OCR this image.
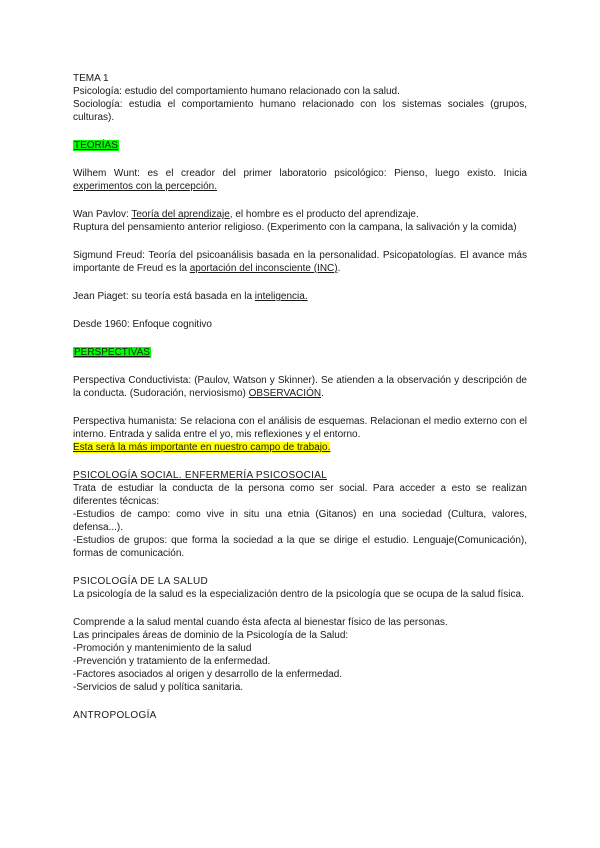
TEMA 1

Psicología: estudio del comportamiento humano relacionado con la salud.

Sociología: estudia el comportamiento humano relacionado con los sistemas sociales (grupos, culturas).

TEORÍAS

Wilhem Wunt: es el creador del primer laboratorio psicológico: Pienso, luego existo. Inicia experimentos con la percepción.

Wan Pavlov: Teoría del aprendizaje, el hombre es el producto del aprendizaje.

Ruptura del pensamiento anterior religioso. (Experimento con la campana, la salivación y la comida)

Sigmund Freud: Teoría del psicoanálisis basada en la personalidad. Psicopatologías. El avance más importante de Freud es la aportación del inconsciente (INC).

Jean Piaget: su teoría está basada en la inteligencia.

Desde 1960: Enfoque cognitivo

PERSPECTIVAS

Perspectiva Conductivista: (Paulov, Watson y Skinner). Se atienden a la observación y descripción de la conducta. (Sudoración, nerviosismo) OBSERVACIÓN.

Perspectiva humanista: Se relaciona con el análisis de esquemas. Relacionan el medio externo con el interno. Entrada y salida entre el yo, mis reflexiones y el entorno.

Esta será la más importante en nuestro campo de trabajo.

PSICOLOGÍA SOCIAL. ENFERMERÍA PSICOSOCIAL

Trata de estudiar la conducta de la persona como ser social. Para acceder a esto se realizan diferentes técnicas:

-Estudios de campo: como vive in situ una etnia (Gitanos) en una sociedad (Cultura, valores, defensa...).

-Estudios de grupos: que forma la sociedad a la que se dirige el estudio. Lenguaje(Comunicación), formas de comunicación.

PSICOLOGÍA DE LA SALUD

La psicología de la salud es la especialización dentro de la psicología que se ocupa de la salud física.

Comprende a la salud mental cuando ésta afecta al bienestar físico de las personas.

Las principales áreas de dominio de la Psicología de la Salud:

-Promoción y mantenimiento de la salud

-Prevención y tratamiento de la enfermedad.

-Factores asociados al origen y desarrollo de la enfermedad.

-Servicios de salud y política sanitaria.

ANTROPOLOGÍA
